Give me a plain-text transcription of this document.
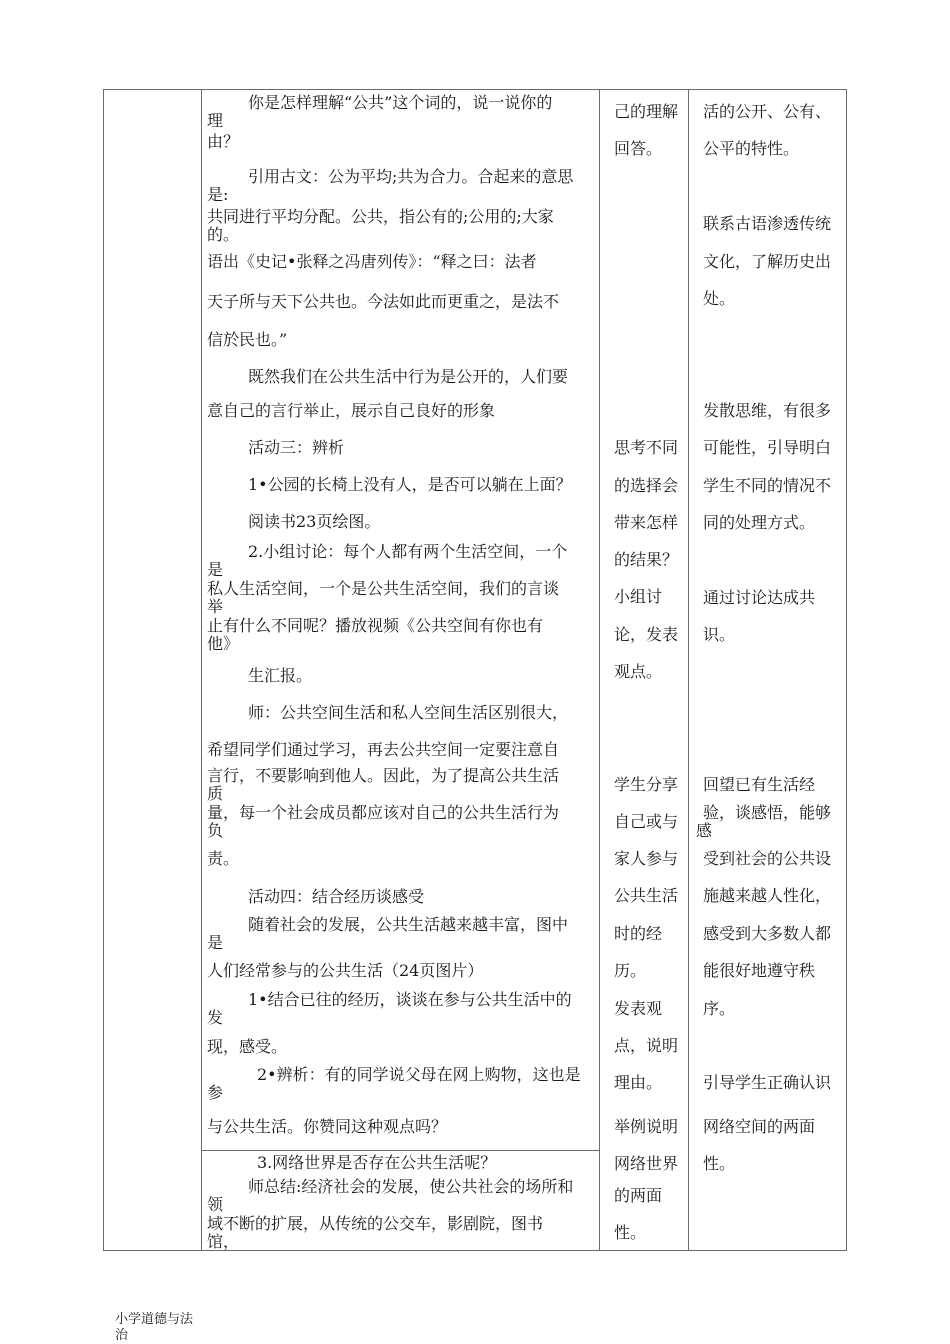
你是怎样理解“公共”这个词的，说一说你的
理
由？
引用古文：公为平均;共为合力。合起来的意思
是:
共同进行平均分配。公共，指公有的;公用的;大家
的。
语出《史记•张释之冯唐列传》：“释之曰：法者
天子所与天下公共也。今法如此而更重之，是法不
信於民也。”
既然我们在公共生活中行为是公开的，人们要
意自己的言行举止，展示自己良好的形象
活动三：辨析
1•公园的长椅上没有人，是否可以躺在上面？
阅读书23页绘图。
2.小组讨论：每个人都有两个生活空间，一个
是
私人生活空间，一个是公共生活空间，我们的言谈
举
止有什么不同呢？播放视频《公共空间有你也有
他》
生汇报。
师：公共空间生活和私人空间生活区别很大，
希望同学们通过学习，再去公共空间一定要注意自
言行，不要影响到他人。因此，为了提高公共生活
质
量，每一个社会成员都应该对自己的公共生活行为
负
责。
活动四：结合经历谈感受
随着社会的发展，公共生活越来越丰富，图中
是
人们经常参与的公共生活（24页图片）
1•结合已往的经历，谈谈在参与公共生活中的
发
现，感受。
2•辨析：有的同学说父母在网上购物，这也是
参
与公共生活。你赞同这种观点吗？
3.网络世界是否存在公共生活呢？
师总结:经济社会的发展，使公共社会的场所和
领
域不断的扩展，从传统的公交车，影剧院，图书
馆，
己的理解
回答。
思考不同
的选择会
带来怎样
的结果？
小组讨
论，发表
观点。
学生分享
自己或与
家人参与
公共生活
时的经
历。
发表观
点，说明
理由。
举例说明
网络世界
的两面
性。
活的公开、公有、
公平的特性。
联系古语渗透传统
文化，了解历史出
处。
发散思维，有很多
可能性，引导明白
学生不同的情况不
同的处理方式。
通过讨论达成共
识。
回望已有生活经
验，谈感悟，能够
感
受到社会的公共设
施越来越人性化，
感受到大多数人都
能很好地遵守秩
序。
引导学生正确认识
网络空间的两面
性。
小学道德与法
治
